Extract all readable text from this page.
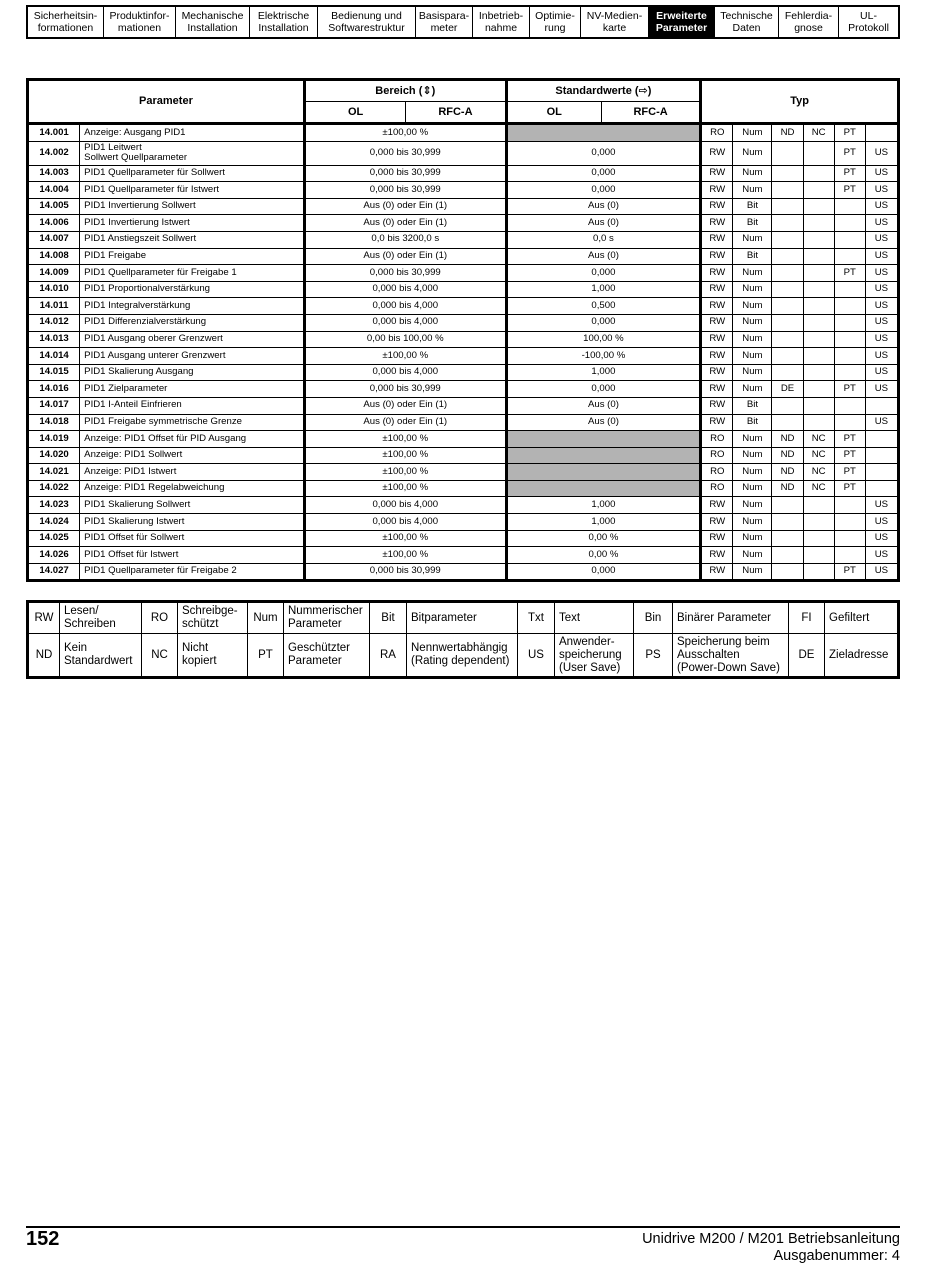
Sicherheitsin-
formationen
Produktinfor-
mationen
Mechanische
Installation
Elektrische
Installation
Bedienung und
Softwarestruktur
Basispara-
meter
Inbetrieb-
nahme
Optimie-
rung
NV-Medien-
karte
Erweiterte
Parameter
Technische
Daten
Fehlerdia-
gnose
UL-
Protokoll
Parameter		Bereich (⇕)		Standardwerte (⇨)		Typ					
		OL	RFC-A	OL	RFC-A						
14.001	Anzeige: Ausgang PID1	±100,00 %				RO	Num	ND	NC	PT	
14.002	PID1 Leitwert
Sollwert Quellparameter	0,000 bis 30,999		0,000		RW	Num			PT	US
14.003	PID1 Quellparameter für Sollwert	0,000 bis 30,999		0,000		RW	Num			PT	US
14.004	PID1 Quellparameter für Istwert	0,000 bis 30,999		0,000		RW	Num			PT	US
14.005	PID1 Invertierung Sollwert	Aus (0) oder Ein (1)		Aus (0)		RW	Bit				US
14.006	PID1 Invertierung Istwert	Aus (0) oder Ein (1)		Aus (0)		RW	Bit				US
14.007	PID1 Anstiegszeit Sollwert	0,0 bis 3200,0 s		0,0 s		RW	Num				US
14.008	PID1 Freigabe	Aus (0) oder Ein (1)		Aus (0)		RW	Bit				US
14.009	PID1 Quellparameter für Freigabe 1	0,000 bis 30,999		0,000		RW	Num			PT	US
14.010	PID1 Proportionalverstärkung	0,000 bis 4,000		1,000		RW	Num				US
14.011	PID1 Integralverstärkung	0,000 bis 4,000		0,500		RW	Num				US
14.012	PID1 Differenzialverstärkung	0,000 bis 4,000		0,000		RW	Num				US
14.013	PID1 Ausgang oberer Grenzwert	0,00 bis 100,00 %		100,00 %		RW	Num				US
14.014	PID1 Ausgang unterer Grenzwert	±100,00 %		-100,00 %		RW	Num				US
14.015	PID1 Skalierung Ausgang	0,000 bis 4,000		1,000		RW	Num				US
14.016	PID1 Zielparameter	0,000 bis 30,999		0,000		RW	Num	DE		PT	US
14.017	PID1 I-Anteil Einfrieren	Aus (0) oder Ein (1)		Aus (0)		RW	Bit				
14.018	PID1 Freigabe symmetrische Grenze	Aus (0) oder Ein (1)		Aus (0)		RW	Bit				US
14.019	Anzeige: PID1 Offset für PID Ausgang	±100,00 %				RO	Num	ND	NC	PT	
14.020	Anzeige: PID1 Sollwert	±100,00 %				RO	Num	ND	NC	PT	
14.021	Anzeige: PID1 Istwert	±100,00 %				RO	Num	ND	NC	PT	
14.022	Anzeige: PID1 Regelabweichung	±100,00 %				RO	Num	ND	NC	PT	
14.023	PID1 Skalierung Sollwert	0,000 bis 4,000		1,000		RW	Num				US
14.024	PID1 Skalierung Istwert	0,000 bis 4,000		1,000		RW	Num				US
14.025	PID1 Offset für Sollwert	±100,00 %		0,00 %		RW	Num				US
14.026	PID1 Offset für Istwert	±100,00 %		0,00 %		RW	Num				US
14.027	PID1 Quellparameter für Freigabe 2	0,000 bis 30,999		0,000		RW	Num			PT	US
RW	Lesen/
Schreiben	RO	Schreibge-
schützt	Num	Nummerischer
Parameter	Bit	Bitparameter	Txt	Text	Bin	Binärer Parameter	FI	Gefiltert
ND	Kein
Standardwert	NC	Nicht
kopiert	PT	Geschützter
Parameter	RA	Nennwertabhängig
(Rating dependent)	US	Anwender-
speicherung
(User Save)	PS	Speicherung beim
Ausschalten
(Power-Down Save)	DE	Zieladresse
152	Unidrive M200 / M201 Betriebsanleitung
Ausgabenummer: 4
